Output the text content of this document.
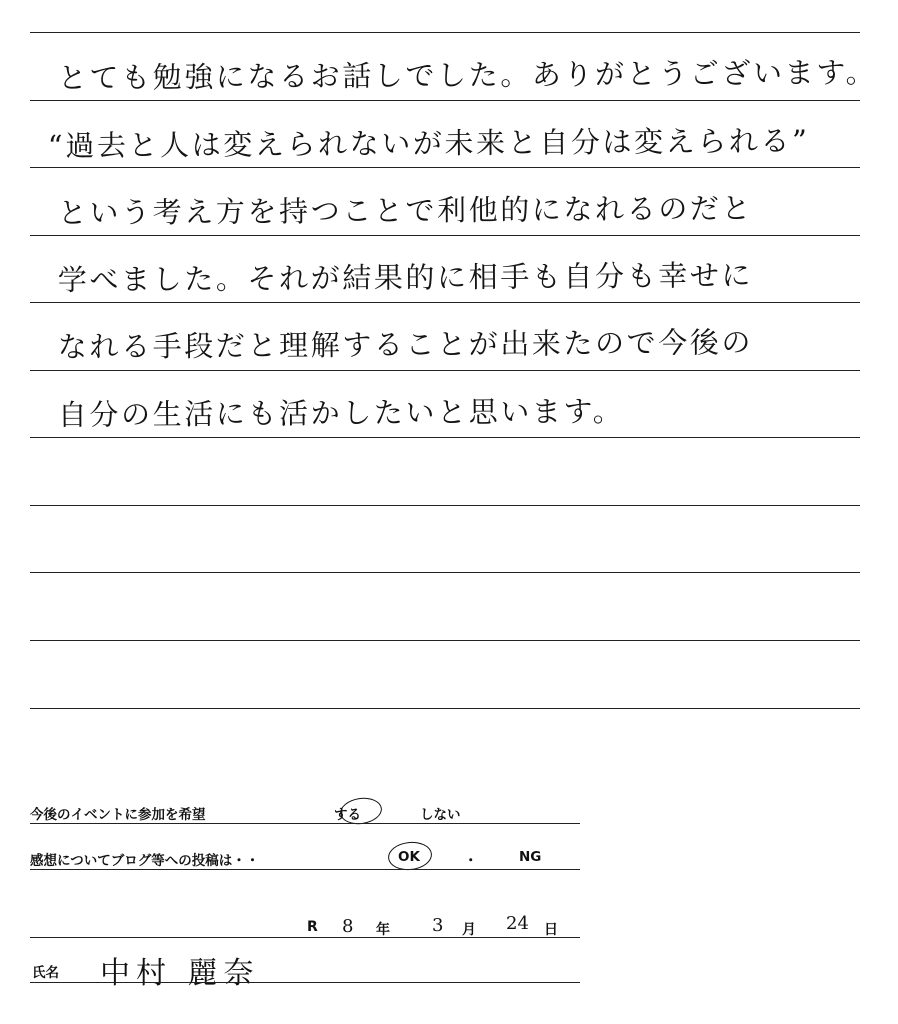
とても勉強になるお話しでした。ありがとうございます。
“過去と人は変えられないが未来と自分は変えられる”
という考え方を持つことで利他的になれるのだと
学べました。それが結果的に相手も自分も幸せに
なれる手段だと理解することが出来たので今後の
自分の生活にも活かしたいと思います。
今後のイベントに参加を希望	する	しない
感想についてブログ等への投稿は・・	OK	・	NG
R 8 年 3 月 24 日
氏名 中村 麗奈
